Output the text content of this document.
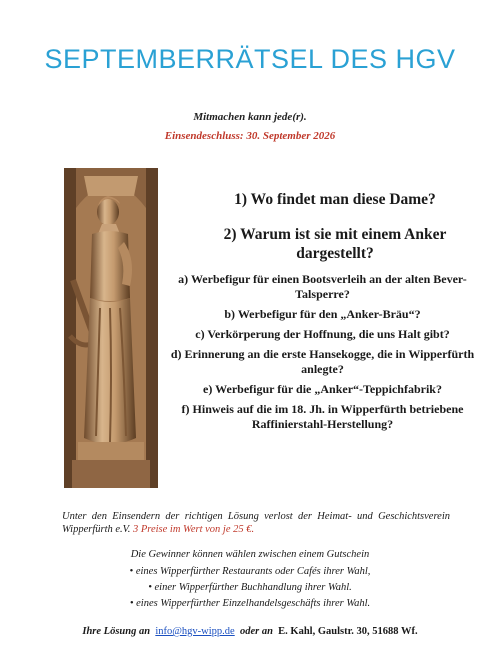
SEPTEMBERRÄTSEL DES HGV

Mitmachen kann jede(r).

Einsendeschluss: 30. September 2026

1) Wo findet man diese Dame?

2) Warum ist sie mit einem Anker dargestellt?

a) Werbefigur für einen Bootsverleih an der alten Bever-Talsperre?
b) Werbefigur für den „Anker-Bräu“?
c) Verkörperung der Hoffnung, die uns Halt gibt?
d) Erinnerung an die erste Hansekogge, die in Wipperfürth anlegte?
e) Werbefigur für die „Anker“-Teppichfabrik?
f) Hinweis auf die im 18. Jh. in Wipperfürth betriebene Raffinierstahl-Herstellung?

Unter den Einsendern der richtigen Lösung verlost der Heimat- und Geschichtsverein Wipperfürth e.V. 3 Preise im Wert von je 25 €.

Die Gewinner können wählen zwischen einem Gutschein

• eines Wipperfürther Restaurants oder Cafés ihrer Wahl,

• einer Wipperfürther Buchhandlung ihrer Wahl.

• eines Wipperfürther Einzelhandelsgeschäfts ihrer Wahl.

Ihre Lösung an info@hgv-wipp.de oder an E. Kahl, Gaulstr. 30, 51688 Wf.
